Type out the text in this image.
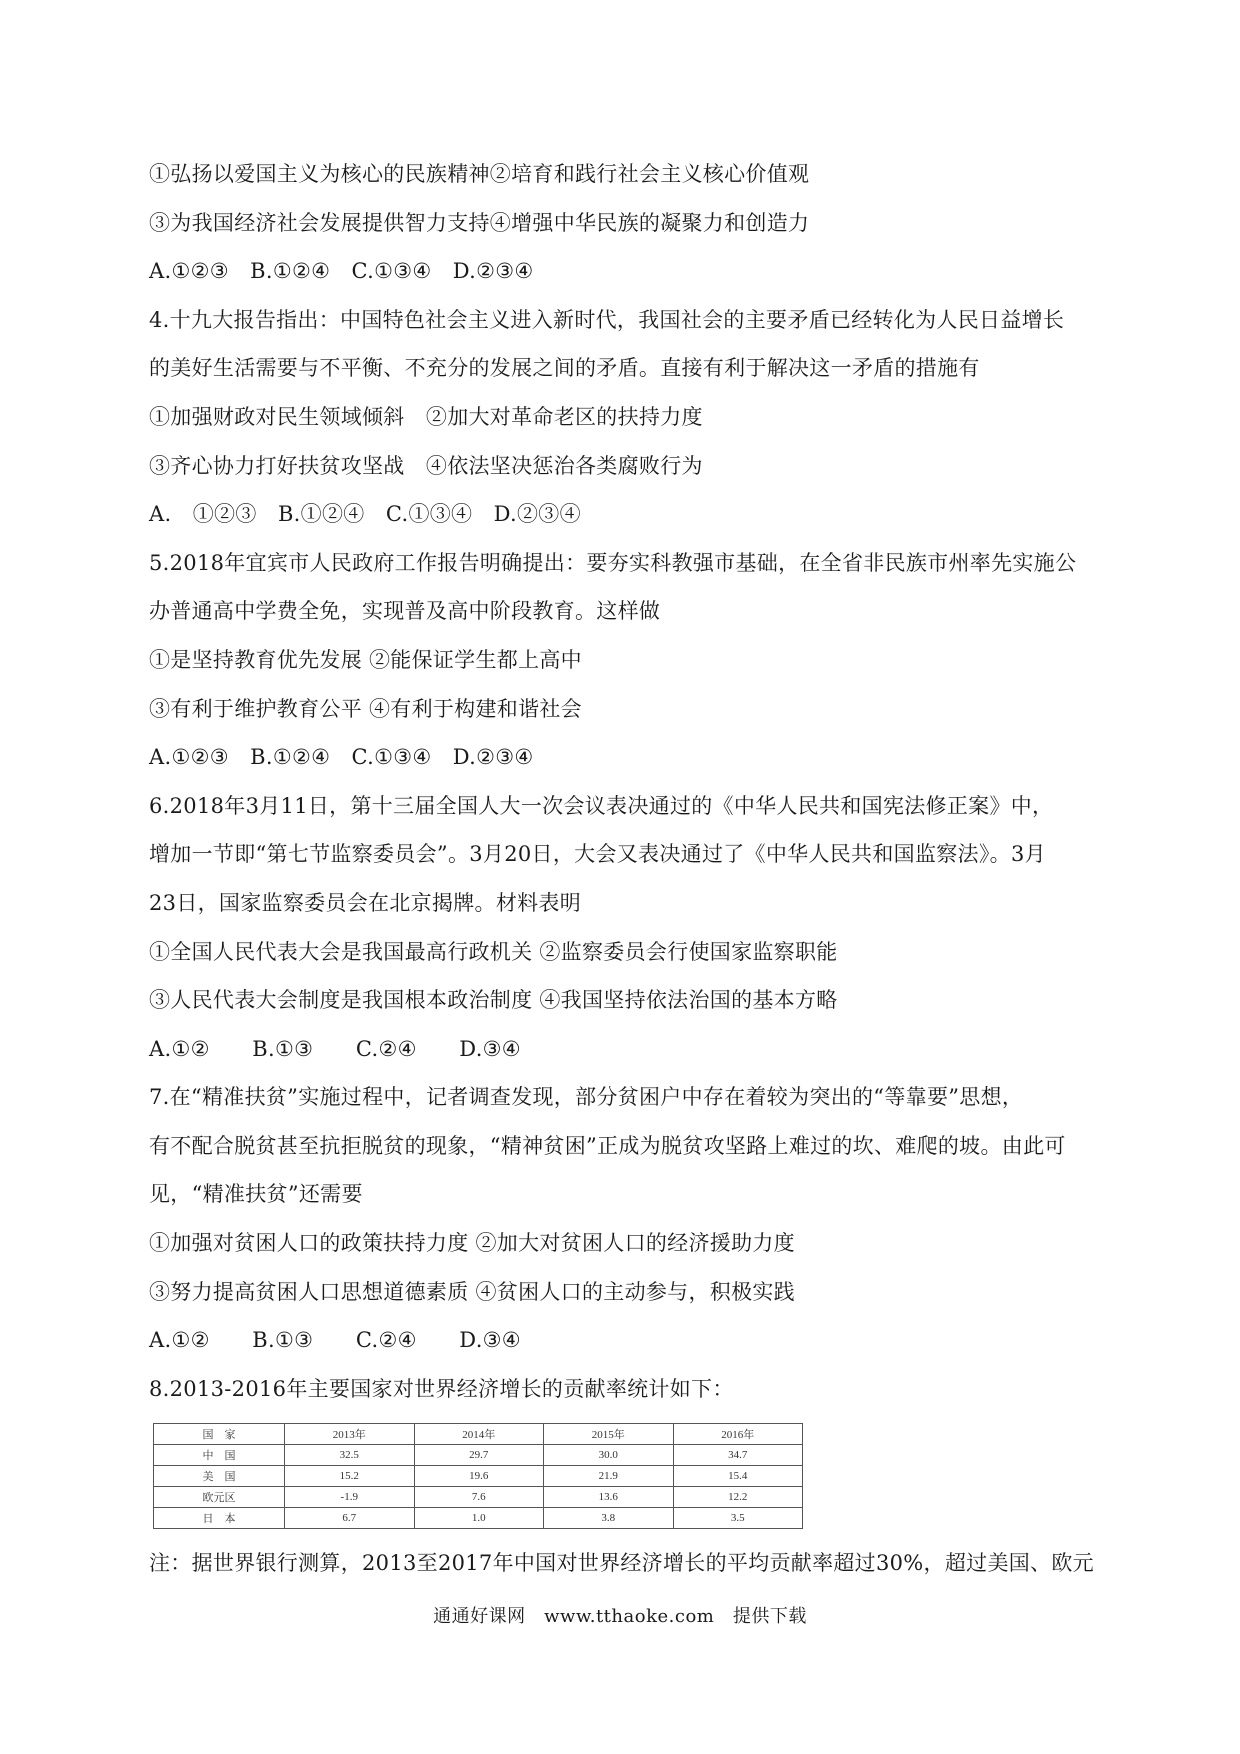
①弘扬以爱国主义为核心的民族精神②培育和践行社会主义核心价值观
③为我国经济社会发展提供智力支持④增强中华民族的凝聚力和创造力
A.①②③　B.①②④　C.①③④　D.②③④
4.十九大报告指出：中国特色社会主义进入新时代，我国社会的主要矛盾已经转化为人民日益增长
的美好生活需要与不平衡、不充分的发展之间的矛盾。直接有利于解决这一矛盾的措施有
①加强财政对民生领域倾斜　②加大对革命老区的扶持力度
③齐心协力打好扶贫攻坚战　④依法坚决惩治各类腐败行为
A.　①②③　B.①②④　C.①③④　D.②③④
5.2018年宜宾市人民政府工作报告明确提出：要夯实科教强市基础，在全省非民族市州率先实施公
办普通高中学费全免，实现普及高中阶段教育。这样做
①是坚持教育优先发展 ②能保证学生都上高中
③有利于维护教育公平 ④有利于构建和谐社会
A.①②③　B.①②④　C.①③④　D.②③④
6.2018年3月11日，第十三届全国人大一次会议表决通过的《中华人民共和国宪法修正案》中，
增加一节即“第七节监察委员会”。3月20日，大会又表决通过了《中华人民共和国监察法》。3月
23日，国家监察委员会在北京揭牌。材料表明
①全国人民代表大会是我国最高行政机关 ②监察委员会行使国家监察职能
③人民代表大会制度是我国根本政治制度 ④我国坚持依法治国的基本方略
A.①②　　B.①③　　C.②④　　D.③④
7.在“精准扶贫”实施过程中，记者调查发现，部分贫困户中存在着较为突出的“等靠要”思想，
有不配合脱贫甚至抗拒脱贫的现象，“精神贫困”正成为脱贫攻坚路上难过的坎、难爬的坡。由此可
见，“精准扶贫”还需要
①加强对贫困人口的政策扶持力度 ②加大对贫困人口的经济援助力度
③努力提高贫困人口思想道德素质 ④贫困人口的主动参与，积极实践
A.①②　　B.①③　　C.②④　　D.③④
8.2013-2016年主要国家对世界经济增长的贡献率统计如下：
国　家	2013年	2014年	2015年	2016年
中　国	32.5	29.7	30.0	34.7
美　国	15.2	19.6	21.9	15.4
欧元区	-1.9	7.6	13.6	12.2
日　本	6.7	1.0	3.8	3.5
注：据世界银行测算，2013至2017年中国对世界经济增长的平均贡献率超过30%，超过美国、欧元
通通好课网　www.tthaoke.com　提供下载
